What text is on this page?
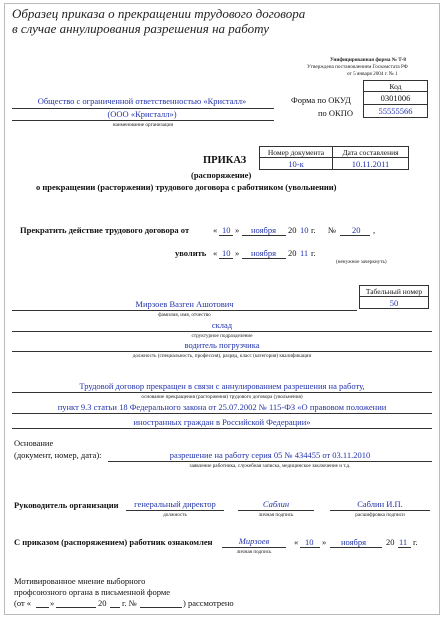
Образец приказа о прекращении трудового договора
в случае аннулирования разрешения на работу
Унифицированная форма № Т-8
Утверждена постановлением Госкомстата РФ
от 5 января 2004 г. № 1
Код
0301006
55555566
Форма по ОКУД
по ОКПО
Общество с ограниченной ответственностью «Кристалл»
(ООО «Кристалл»)
наименование организации
Номер документа Дата составления
10-к	10.11.2011
ПРИКАЗ
(распоряжение)
о прекращении (расторжении) трудового договора с работником (увольнении)
Прекратить действие трудового договора от	« 10 » ноября 20 10 г. № 20 ,
уволить « 10 » ноября 20 11 г.
(ненужное зачеркнуть)
Табельный номер
50
Мирзоев Вазген Ашотович
фамилия, имя, отчество
склад
структурное подразделение
водитель погрузчика
должность (специальность, профессия), разряд, класс (категория) квалификации
Трудовой договор прекращен в связи с аннулированием разрешения на работу,
основание прекращения (расторжения) трудового договора (увольнения)
пункт 9.3 статьи 18 Федерального закона от 25.07.2002 № 115-ФЗ «О правовом положении
иностранных граждан в Российской Федерации»
Основание
(документ, номер, дата):	разрешение на работу серия 05 № 434455 от 03.11.2010
заявление работника, служебная записка, медицинское заключение и т.д.
Руководитель организации	генеральный директор
должность
Саблин
личная подпись
Саблин И.П.
расшифровка подписи
С приказом (распоряжением) работник ознакомлен	Мирзоев
личная подпись
« 10 » ноября 20 11 г.
Мотивированное мнение выборного
профсоюзного органа в письменной форме
(от « »	20 г. №	) рассмотрено
